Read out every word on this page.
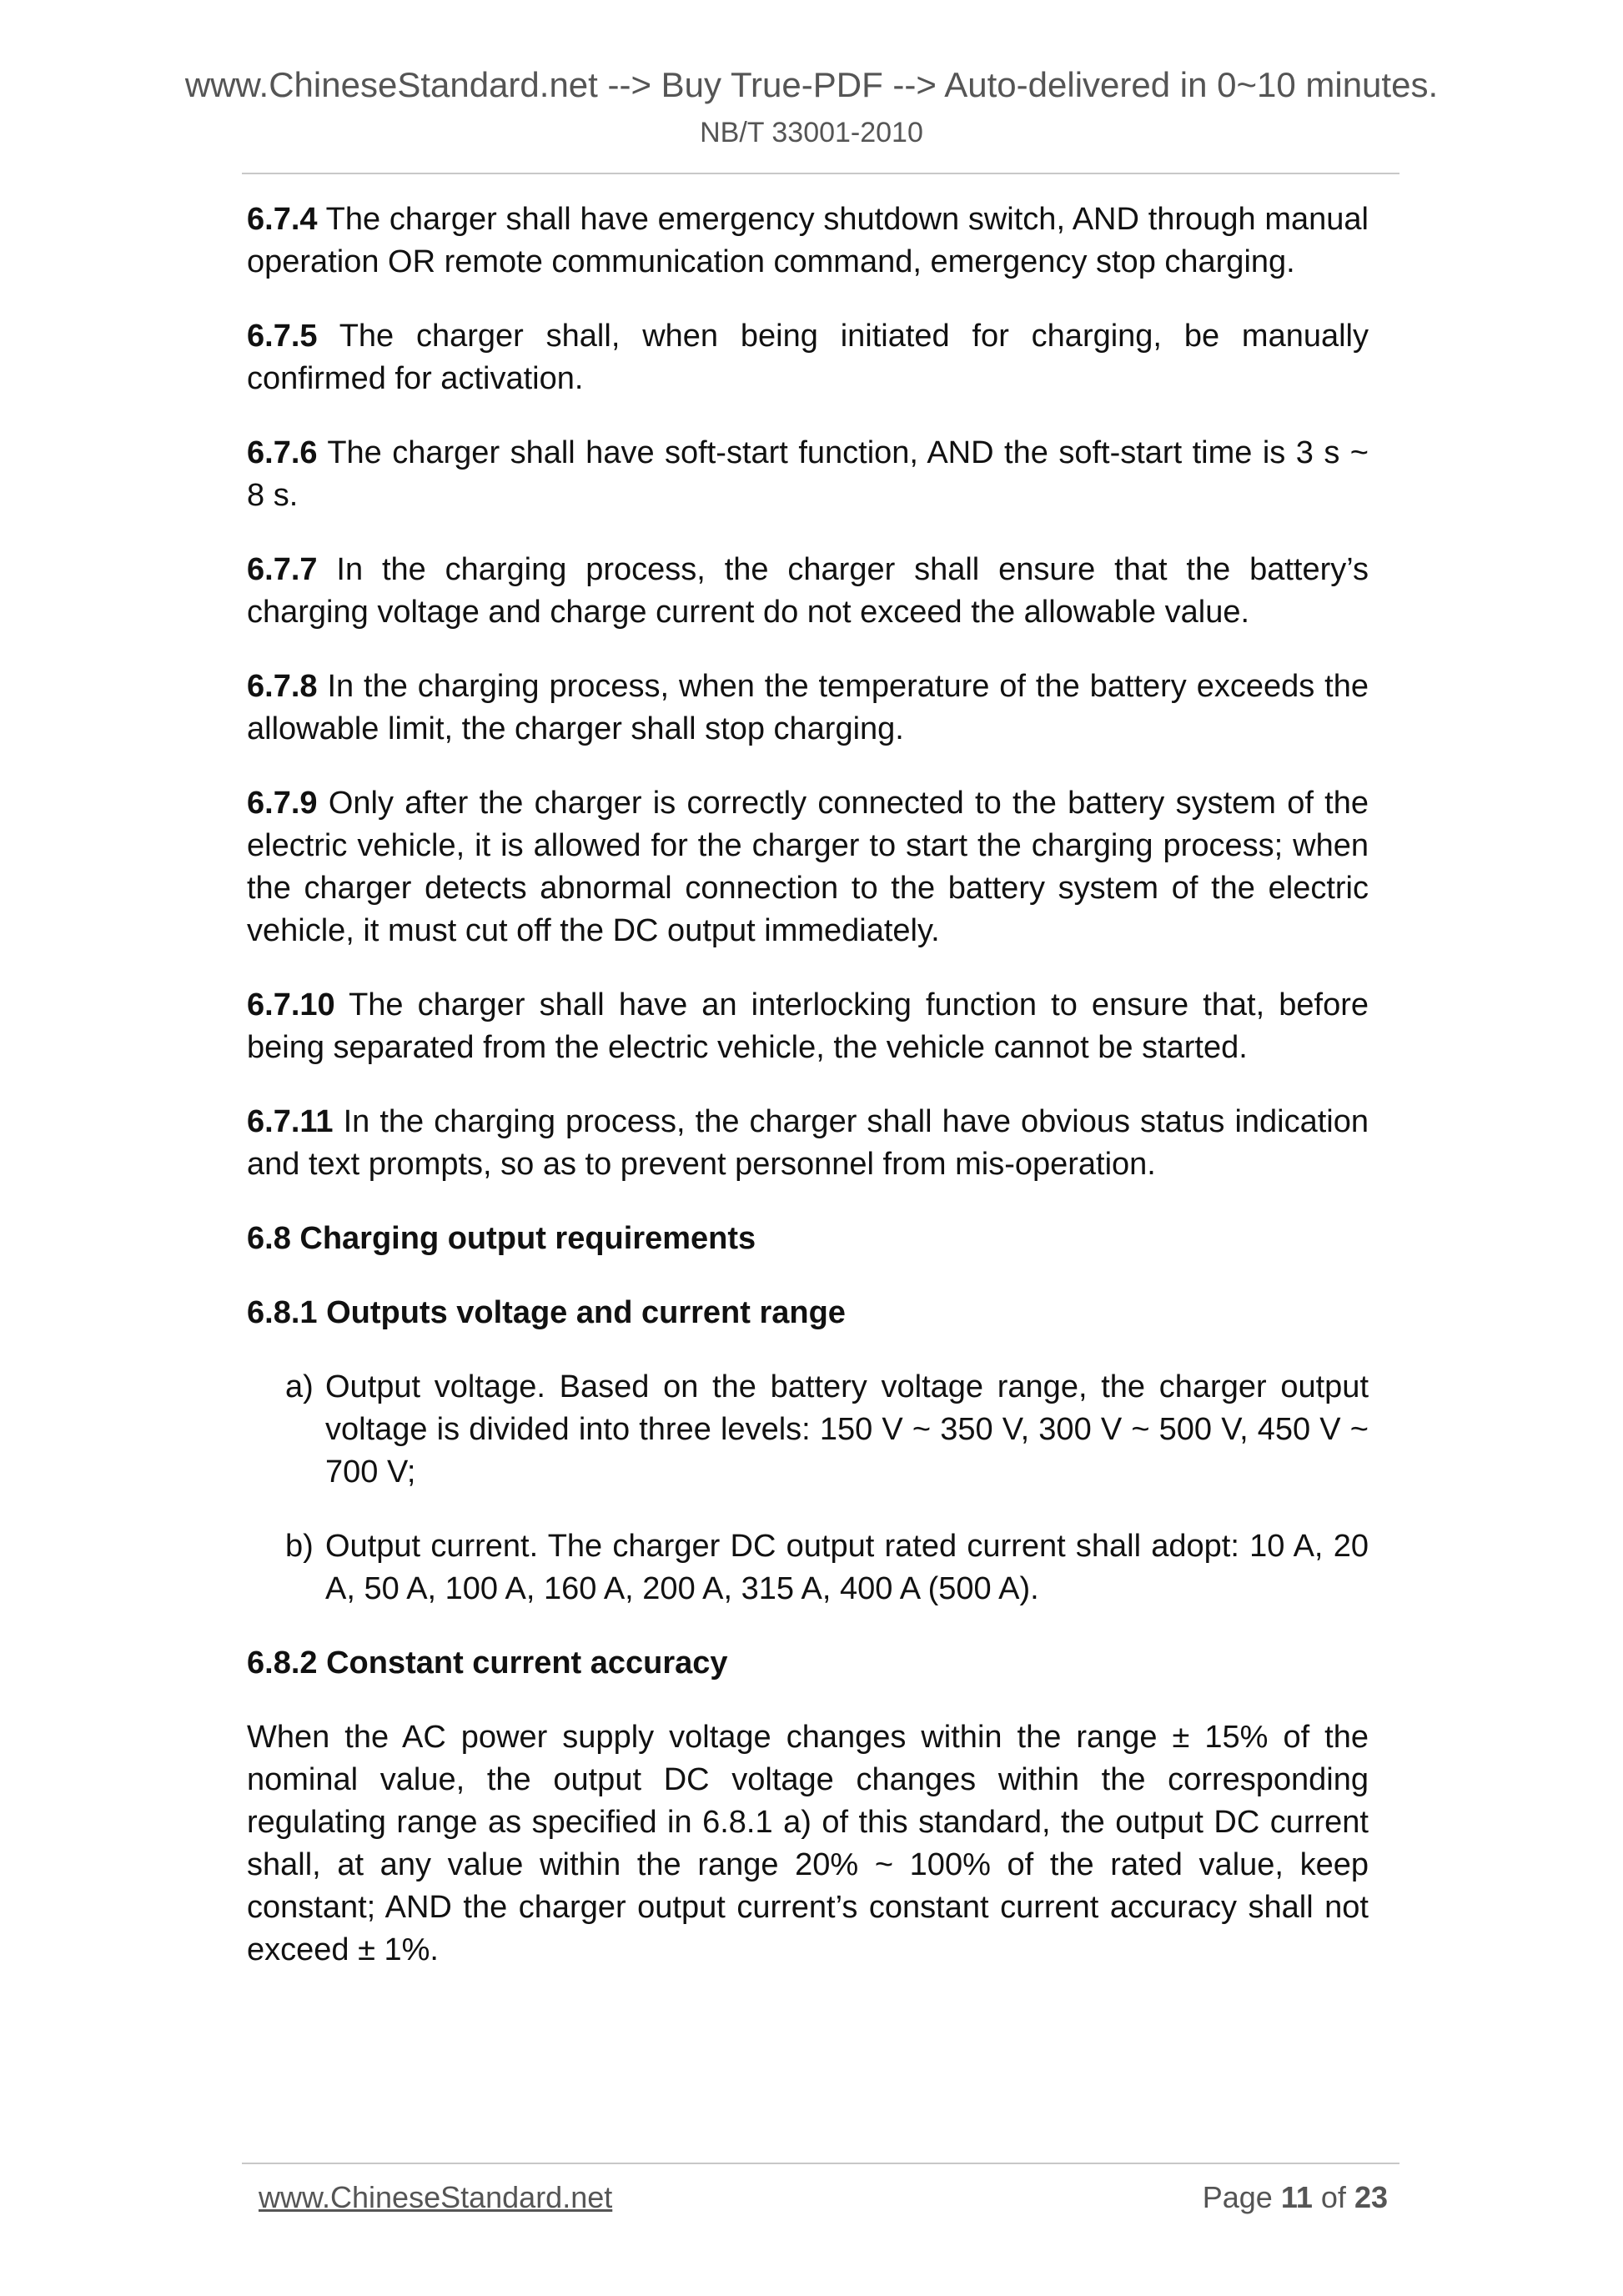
www.ChineseStandard.net --> Buy True-PDF --> Auto-delivered in 0~10 minutes.
NB/T 33001-2010

6.7.4 The charger shall have emergency shutdown switch, AND through manual operation OR remote communication command, emergency stop charging.

6.7.5 The charger shall, when being initiated for charging, be manually confirmed for activation.

6.7.6 The charger shall have soft-start function, AND the soft-start time is 3 s ~ 8 s.

6.7.7 In the charging process, the charger shall ensure that the battery’s charging voltage and charge current do not exceed the allowable value.

6.7.8 In the charging process, when the temperature of the battery exceeds the allowable limit, the charger shall stop charging.

6.7.9 Only after the charger is correctly connected to the battery system of the electric vehicle, it is allowed for the charger to start the charging process; when the charger detects abnormal connection to the battery system of the electric vehicle, it must cut off the DC output immediately.

6.7.10 The charger shall have an interlocking function to ensure that, before being separated from the electric vehicle, the vehicle cannot be started.

6.7.11 In the charging process, the charger shall have obvious status indication and text prompts, so as to prevent personnel from mis-operation.

6.8 Charging output requirements
6.8.1 Outputs voltage and current range
a) Output voltage. Based on the battery voltage range, the charger output voltage is divided into three levels: 150 V ~ 350 V, 300 V ~ 500 V, 450 V ~ 700 V;
b) Output current. The charger DC output rated current shall adopt: 10 A, 20 A, 50 A, 100 A, 160 A, 200 A, 315 A, 400 A (500 A).
6.8.2 Constant current accuracy

When the AC power supply voltage changes within the range ± 15% of the nominal value, the output DC voltage changes within the corresponding regulating range as specified in 6.8.1 a) of this standard, the output DC current shall, at any value within the range 20% ~ 100% of the rated value, keep constant; AND the charger output current’s constant current accuracy shall not exceed ± 1%.

www.ChineseStandard.net	Page 11 of 23
